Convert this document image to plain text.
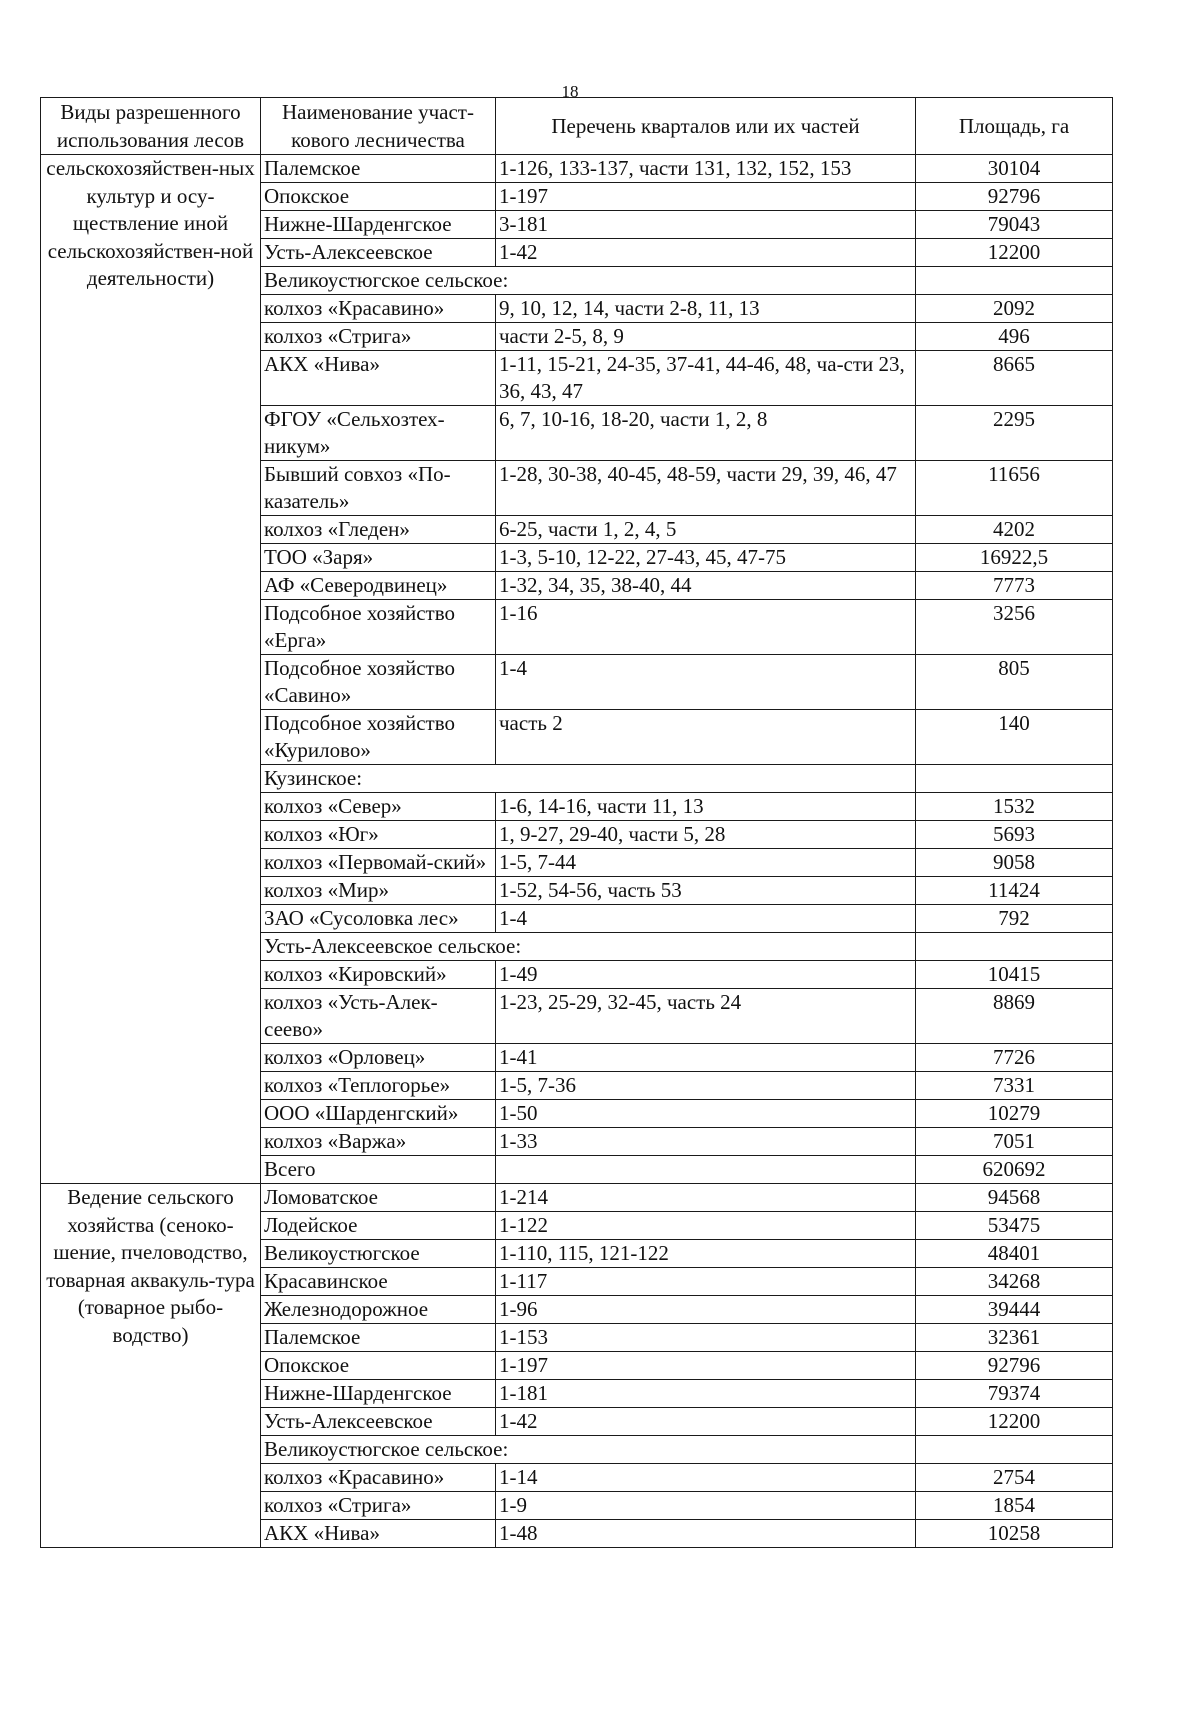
18
Виды разрешенного использования лесов	Наименование участ-кового лесничества	Перечень кварталов или их частей	Площадь, га
сельскохозяйствен-ных культур и осу-ществление иной сельскохозяйствен-ной деятельности)	Палемское	1-126, 133-137, части 131, 132, 152, 153	30104
	Опокское	1-197	92796
	Нижне-Шарденгское	3-181	79043
	Усть-Алексеевское	1-42	12200
	Великоустюгское сельское:		
	колхоз «Красавино»	9, 10, 12, 14, части 2-8, 11, 13	2092
	колхоз «Стрига»	части 2-5, 8, 9	496
	АКХ «Нива»	1-11, 15-21, 24-35, 37-41, 44-46, 48, ча-сти 23, 36, 43, 47	8665
	ФГОУ «Сельхозтех-никум»	6, 7, 10-16, 18-20, части 1, 2, 8	2295
	Бывший совхоз «По-казатель»	1-28, 30-38, 40-45, 48-59, части 29, 39, 46, 47	11656
	колхоз «Гледен»	6-25, части 1, 2, 4, 5	4202
	ТОО «Заря»	1-3, 5-10, 12-22, 27-43, 45, 47-75	16922,5
	АФ «Северодвинец»	1-32, 34, 35, 38-40, 44	7773
	Подсобное хозяйство «Ерга»	1-16	3256
	Подсобное хозяйство «Савино»	1-4	805
	Подсобное хозяйство «Курилово»	часть 2	140
	Кузинское:		
	колхоз «Север»	1-6, 14-16, части 11, 13	1532
	колхоз «Юг»	1, 9-27, 29-40, части 5, 28	5693
	колхоз «Первомай-ский»	1-5, 7-44	9058
	колхоз «Мир»	1-52, 54-56, часть 53	11424
	ЗАО «Сусоловка лес»	1-4	792
	Усть-Алексеевское сельское:		
	колхоз «Кировский»	1-49	10415
	колхоз «Усть-Алек-сеево»	1-23, 25-29, 32-45, часть 24	8869
	колхоз «Орловец»	1-41	7726
	колхоз «Теплогорье»	1-5, 7-36	7331
	ООО «Шарденгский»	1-50	10279
	колхоз «Варжа»	1-33	7051
	Всего		620692
Ведение сельского хозяйства (сеноко-шение, пчеловодство, товарная аквакуль-тура (товарное рыбо-водство)	Ломоватское	1-214	94568
	Лодейское	1-122	53475
	Великоустюгское	1-110, 115, 121-122	48401
	Красавинское	1-117	34268
	Железнодорожное	1-96	39444
	Палемское	1-153	32361
	Опокское	1-197	92796
	Нижне-Шарденгское	1-181	79374
	Усть-Алексеевское	1-42	12200
	Великоустюгское сельское:		
	колхоз «Красавино»	1-14	2754
	колхоз «Стрига»	1-9	1854
	АКХ «Нива»	1-48	10258
